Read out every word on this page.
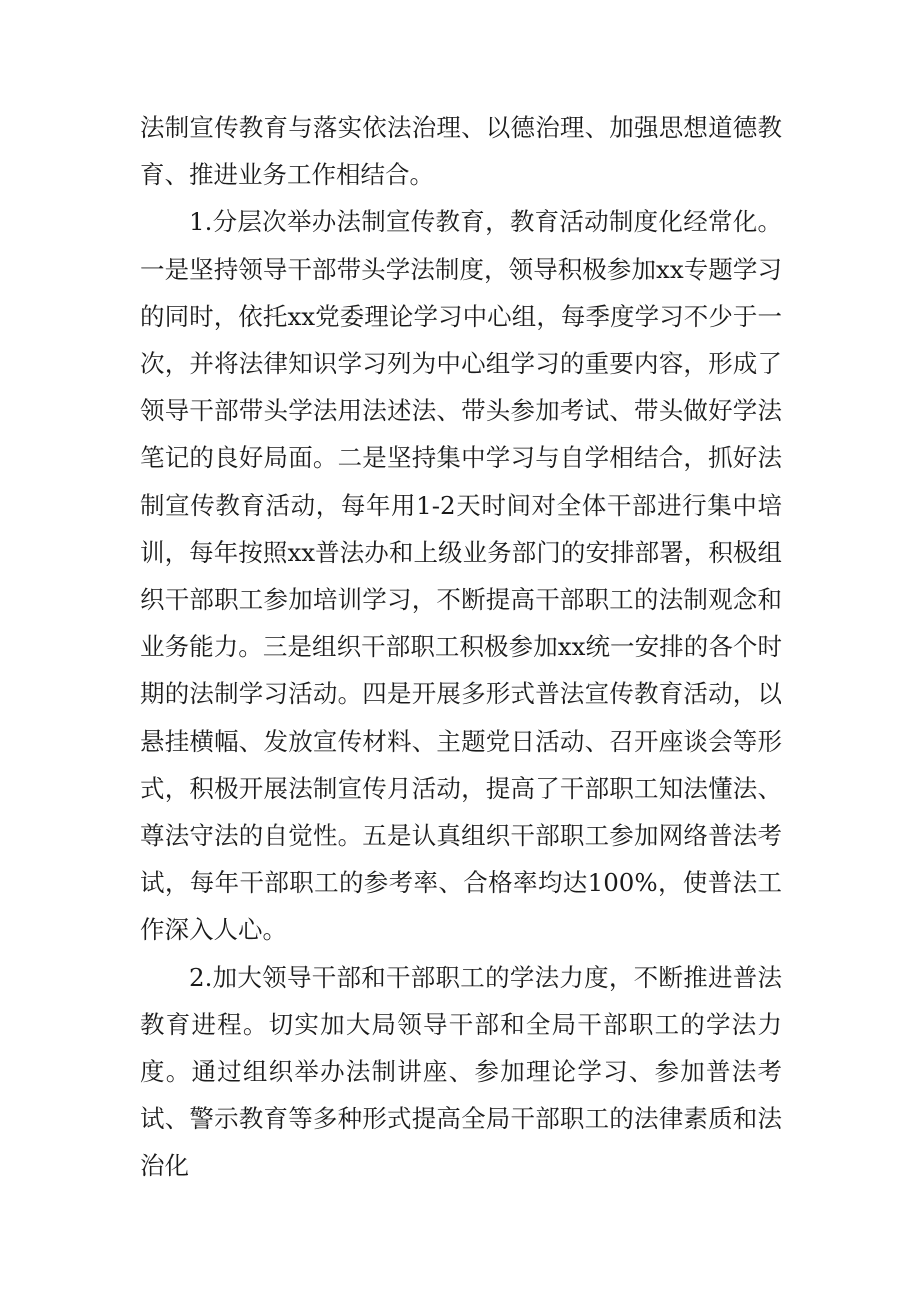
法制宣传教育与落实依法治理、以德治理、加强思想道德教育、推进业务工作相结合。

1.分层次举办法制宣传教育，教育活动制度化经常化。一是坚持领导干部带头学法制度，领导积极参加xx专题学习的同时，依托xx党委理论学习中心组，每季度学习不少于一次，并将法律知识学习列为中心组学习的重要内容，形成了领导干部带头学法用法述法、带头参加考试、带头做好学法笔记的良好局面。二是坚持集中学习与自学相结合，抓好法制宣传教育活动，每年用1-2天时间对全体干部进行集中培训，每年按照xx普法办和上级业务部门的安排部署，积极组织干部职工参加培训学习，不断提高干部职工的法制观念和业务能力。三是组织干部职工积极参加xx统一安排的各个时期的法制学习活动。四是开展多形式普法宣传教育活动，以悬挂横幅、发放宣传材料、主题党日活动、召开座谈会等形式，积极开展法制宣传月活动，提高了干部职工知法懂法、尊法守法的自觉性。五是认真组织干部职工参加网络普法考试，每年干部职工的参考率、合格率均达100%，使普法工作深入人心。

2.加大领导干部和干部职工的学法力度，不断推进普法教育进程。切实加大局领导干部和全局干部职工的学法力度。通过组织举办法制讲座、参加理论学习、参加普法考试、警示教育等多种形式提高全局干部职工的法律素质和法治化
